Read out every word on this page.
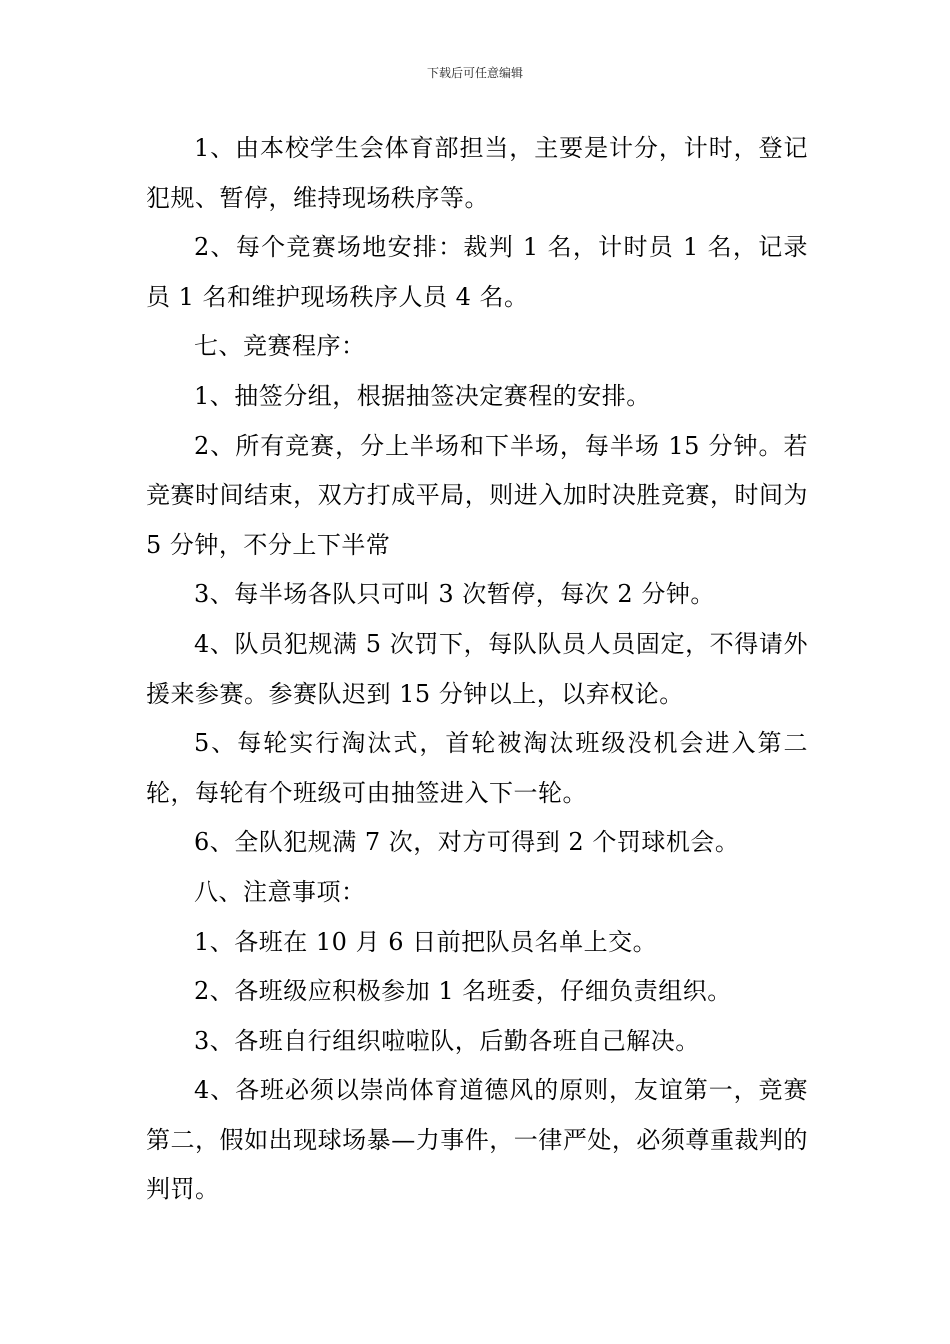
下载后可任意编辑

1、由本校学生会体育部担当，主要是计分，计时，登记犯规、暂停，维持现场秩序等。

2、每个竞赛场地安排：裁判 1 名，计时员 1 名，记录员 1 名和维护现场秩序人员 4 名。

七、竞赛程序：

1、抽签分组，根据抽签决定赛程的安排。

2、所有竞赛，分上半场和下半场，每半场 15 分钟。若竞赛时间结束，双方打成平局，则进入加时决胜竞赛，时间为 5 分钟，不分上下半常

3、每半场各队只可叫 3 次暂停，每次 2 分钟。

4、队员犯规满 5 次罚下，每队队员人员固定，不得请外援来参赛。参赛队迟到 15 分钟以上，以弃权论。

5、每轮实行淘汰式，首轮被淘汰班级没机会进入第二轮，每轮有个班级可由抽签进入下一轮。

6、全队犯规满 7 次，对方可得到 2 个罚球机会。

八、注意事项：

1、各班在 10 月 6 日前把队员名单上交。

2、各班级应积极参加 1 名班委，仔细负责组织。

3、各班自行组织啦啦队，后勤各班自己解决。

4、各班必须以崇尚体育道德风的原则，友谊第一，竞赛第二，假如出现球场暴—力事件，一律严处，必须尊重裁判的判罚。
